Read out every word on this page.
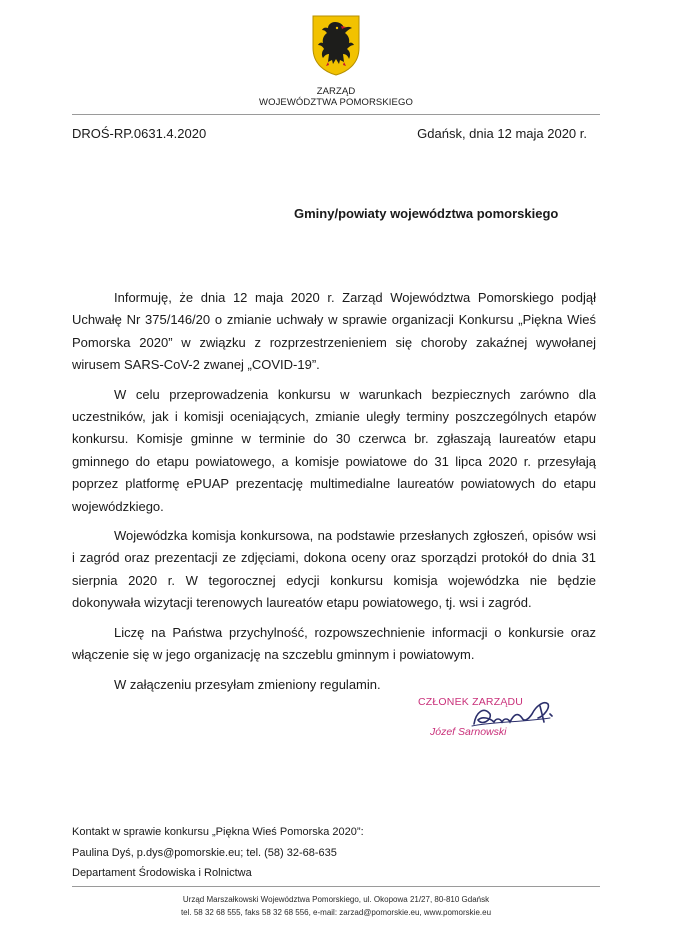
ZARZĄD
WOJEWÓDZTWA POMORSKIEGO
DROŚ-RP.0631.4.2020	Gdańsk, dnia 12 maja 2020 r.
Gminy/powiaty województwa pomorskiego

Informuję, że dnia 12 maja 2020 r. Zarząd Województwa Pomorskiego podjął Uchwałę Nr 375/146/20 o zmianie uchwały w sprawie organizacji Konkursu „Piękna Wieś Pomorska 2020” w związku z rozprzestrzenieniem się choroby zakaźnej wywołanej wirusem SARS-CoV-2 zwanej „COVID-19”.

W celu przeprowadzenia konkursu w warunkach bezpiecznych zarówno dla uczestników, jak i komisji oceniających, zmianie uległy terminy poszczególnych etapów konkursu. Komisje gminne w terminie do 30 czerwca br. zgłaszają laureatów etapu gminnego do etapu powiatowego, a komisje powiatowe do 31 lipca 2020 r. przesyłają poprzez platformę ePUAP prezentację multimedialne laureatów powiatowych do etapu wojewódzkiego.

Wojewódzka komisja konkursowa, na podstawie przesłanych zgłoszeń, opisów wsi i zagród oraz prezentacji ze zdjęciami, dokona oceny oraz sporządzi protokół do dnia 31 sierpnia 2020 r. W tegorocznej edycji konkursu komisja wojewódzka nie będzie dokonywała wizytacji terenowych laureatów etapu powiatowego, tj. wsi i zagród.

Liczę na Państwa przychylność, rozpowszechnienie informacji o konkursie oraz włączenie się w jego organizację na szczeblu gminnym i powiatowym.

W załączeniu przesyłam zmieniony regulamin.

CZŁONEK ZARZĄDU
Józef Sarnowski
Kontakt w sprawie konkursu „Piękna Wieś Pomorska 2020”:
Paulina Dyś, p.dys@pomorskie.eu; tel. (58) 32-68-635
Departament Środowiska i Rolnictwa
Urząd Marszałkowski Województwa Pomorskiego, ul. Okopowa 21/27, 80-810 Gdańsk
tel. 58 32 68 555, faks 58 32 68 556, e-mail: zarzad@pomorskie.eu, www.pomorskie.eu
